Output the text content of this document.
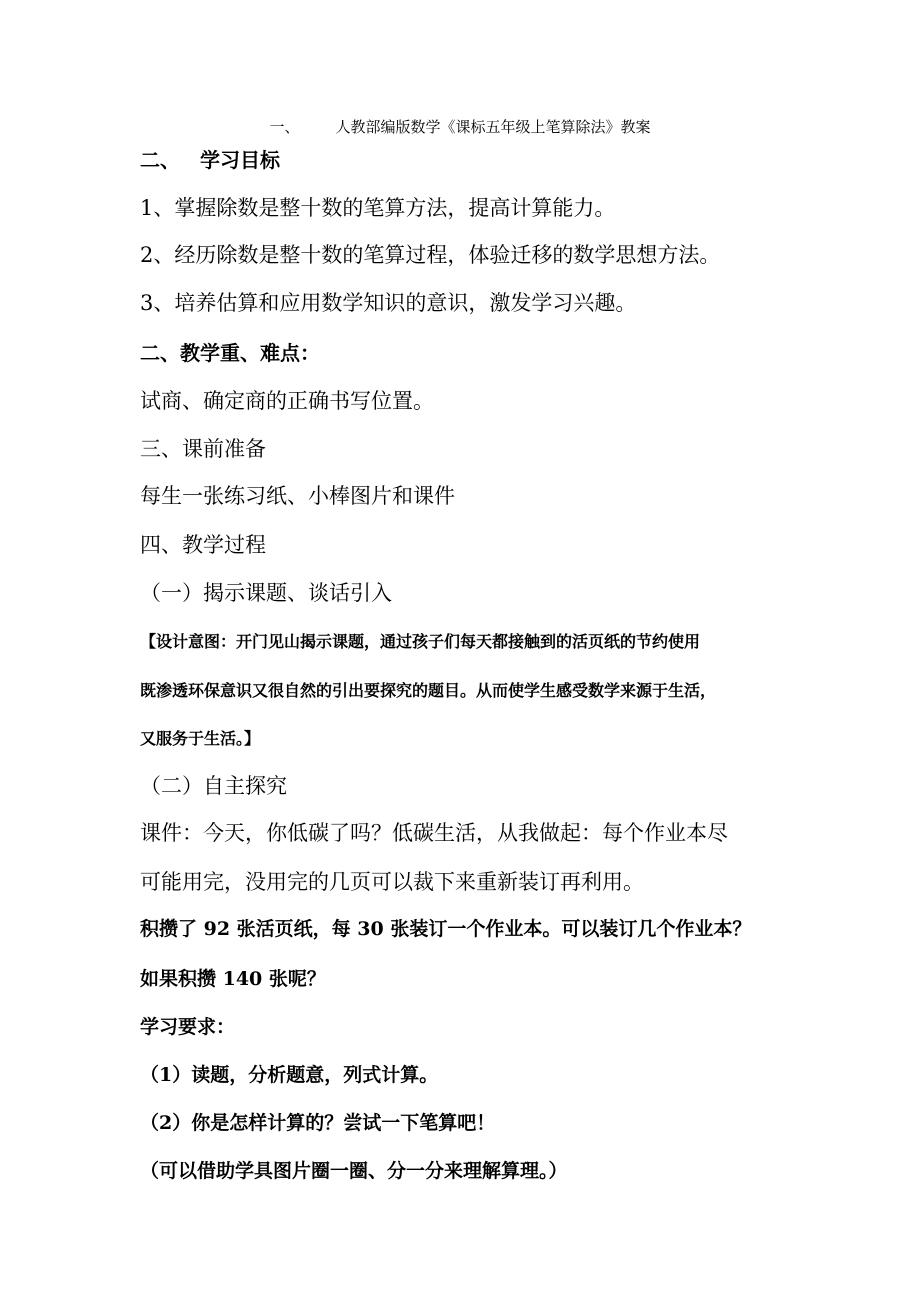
一、 人教部编版数学《课标五年级上笔算除法》教案
二、 学习目标
1、掌握除数是整十数的笔算方法，提高计算能力。
2、经历除数是整十数的笔算过程，体验迁移的数学思想方法。
3、培养估算和应用数学知识的意识，激发学习兴趣。
二、教学重、难点：
试商、确定商的正确书写位置。
三、课前准备
每生一张练习纸、小棒图片和课件
四、教学过程
（一）揭示课题、谈话引入
【设计意图：开门见山揭示课题，通过孩子们每天都接触到的活页纸的节约使用
既渗透环保意识又很自然的引出要探究的题目。从而使学生感受数学来源于生活，
又服务于生活。】
（二）自主探究
课件：今天，你低碳了吗？低碳生活，从我做起：每个作业本尽
可能用完，没用完的几页可以裁下来重新装订再利用。
积攒了 92 张活页纸，每 30 张装订一个作业本。可以装订几个作业本？
如果积攒 140 张呢？
学习要求：
（1）读题，分析题意，列式计算。
（2）你是怎样计算的？尝试一下笔算吧！
（可以借助学具图片圈一圈、分一分来理解算理。）
